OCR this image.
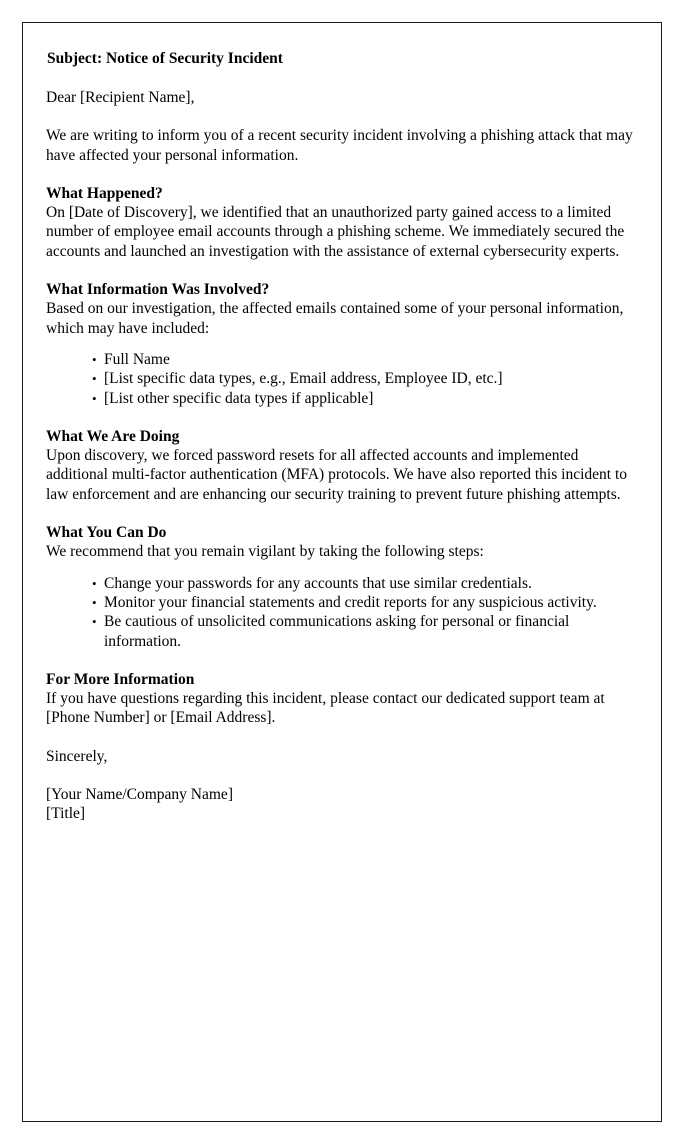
Subject: Notice of Security Incident

Dear [Recipient Name],

We are writing to inform you of a recent security incident involving a phishing attack that may have affected your personal information.

What Happened?

On [Date of Discovery], we identified that an unauthorized party gained access to a limited number of employee email accounts through a phishing scheme. We immediately secured the accounts and launched an investigation with the assistance of external cybersecurity experts.

What Information Was Involved?

Based on our investigation, the affected emails contained some of your personal information, which may have included:

• Full Name
• [List specific data types, e.g., Email address, Employee ID, etc.]
• [List other specific data types if applicable]
What We Are Doing

Upon discovery, we forced password resets for all affected accounts and implemented additional multi-factor authentication (MFA) protocols. We have also reported this incident to law enforcement and are enhancing our security training to prevent future phishing attempts.

What You Can Do

We recommend that you remain vigilant by taking the following steps:

• Change your passwords for any accounts that use similar credentials.
• Monitor your financial statements and credit reports for any suspicious activity.
• Be cautious of unsolicited communications asking for personal or financial information.
For More Information

If you have questions regarding this incident, please contact our dedicated support team at [Phone Number] or [Email Address].

Sincerely,

[Your Name/Company Name]

[Title]
